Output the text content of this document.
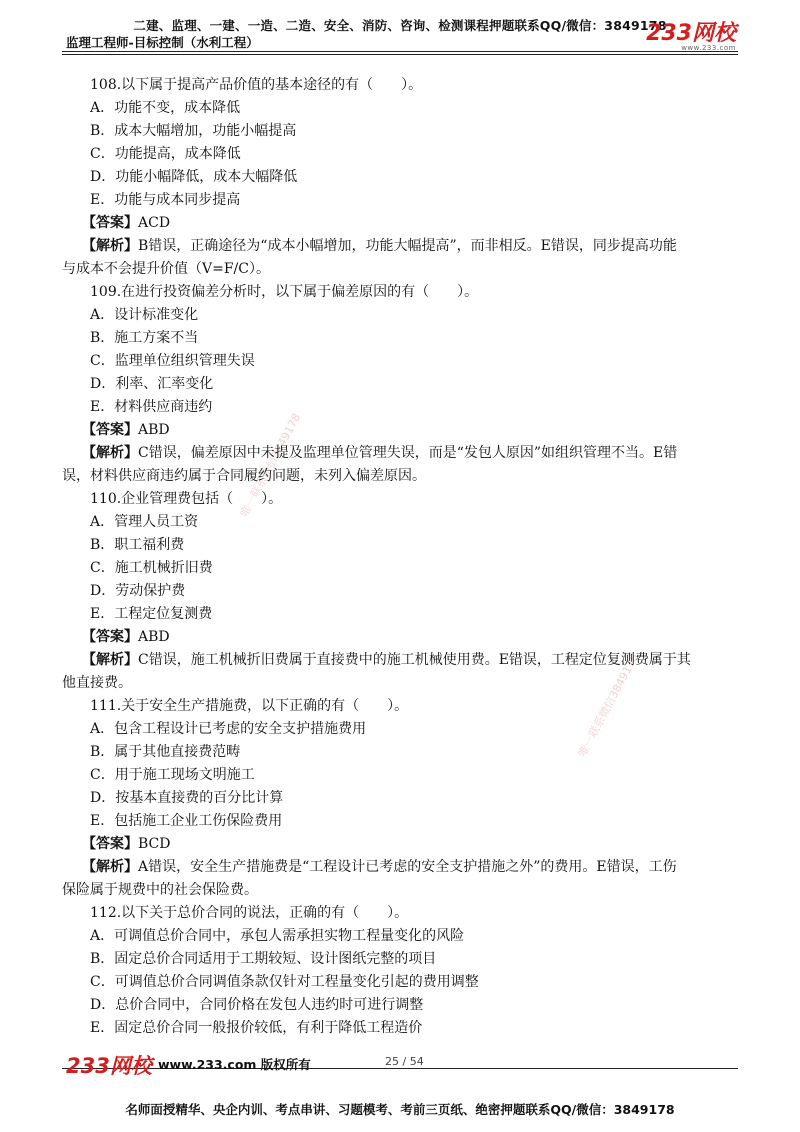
二建、监理、一建、一造、二造、安全、消防、咨询、检测课程押题联系QQ/微信：3849178
监理工程师-目标控制（水利工程）	233网校
www.233.com
唯一联系微信3849178
唯一联系微信3849178
108.以下属于提高产品价值的基本途径的有（　　）。
A．功能不变，成本降低
B．成本大幅增加，功能小幅提高
C．功能提高，成本降低
D．功能小幅降低，成本大幅降低
E．功能与成本同步提高
【答案】ACD
【解析】B错误，正确途径为“成本小幅增加，功能大幅提高”，而非相反。E错误，同步提高功能
与成本不会提升价值（V=F/C）。
109.在进行投资偏差分析时，以下属于偏差原因的有（　　）。
A．设计标准变化
B．施工方案不当
C．监理单位组织管理失误
D．利率、汇率变化
E．材料供应商违约
【答案】ABD
【解析】C错误，偏差原因中未提及监理单位管理失误，而是“发包人原因”如组织管理不当。E错
误，材料供应商违约属于合同履约问题，未列入偏差原因。
110.企业管理费包括（　　）。
A．管理人员工资
B．职工福利费
C．施工机械折旧费
D．劳动保护费
E．工程定位复测费
【答案】ABD
【解析】C错误，施工机械折旧费属于直接费中的施工机械使用费。E错误，工程定位复测费属于其
他直接费。
111.关于安全生产措施费，以下正确的有（　　）。
A．包含工程设计已考虑的安全支护措施费用
B．属于其他直接费范畴
C．用于施工现场文明施工
D．按基本直接费的百分比计算
E．包括施工企业工伤保险费用
【答案】BCD
【解析】A错误，安全生产措施费是“工程设计已考虑的安全支护措施之外”的费用。E错误，工伤
保险属于规费中的社会保险费。
112.以下关于总价合同的说法，正确的有（　　）。
A．可调值总价合同中，承包人需承担实物工程量变化的风险
B．固定总价合同适用于工期较短、设计图纸完整的项目
C．可调值总价合同调值条款仅针对工程量变化引起的费用调整
D．总价合同中，合同价格在发包人违约时可进行调整
E．固定总价合同一般报价较低，有利于降低工程造价
233网校 www.233.com 版权所有	25 / 54
名师面授精华、央企内训、考点串讲、习题模考、考前三页纸、绝密押题联系QQ/微信：3849178
